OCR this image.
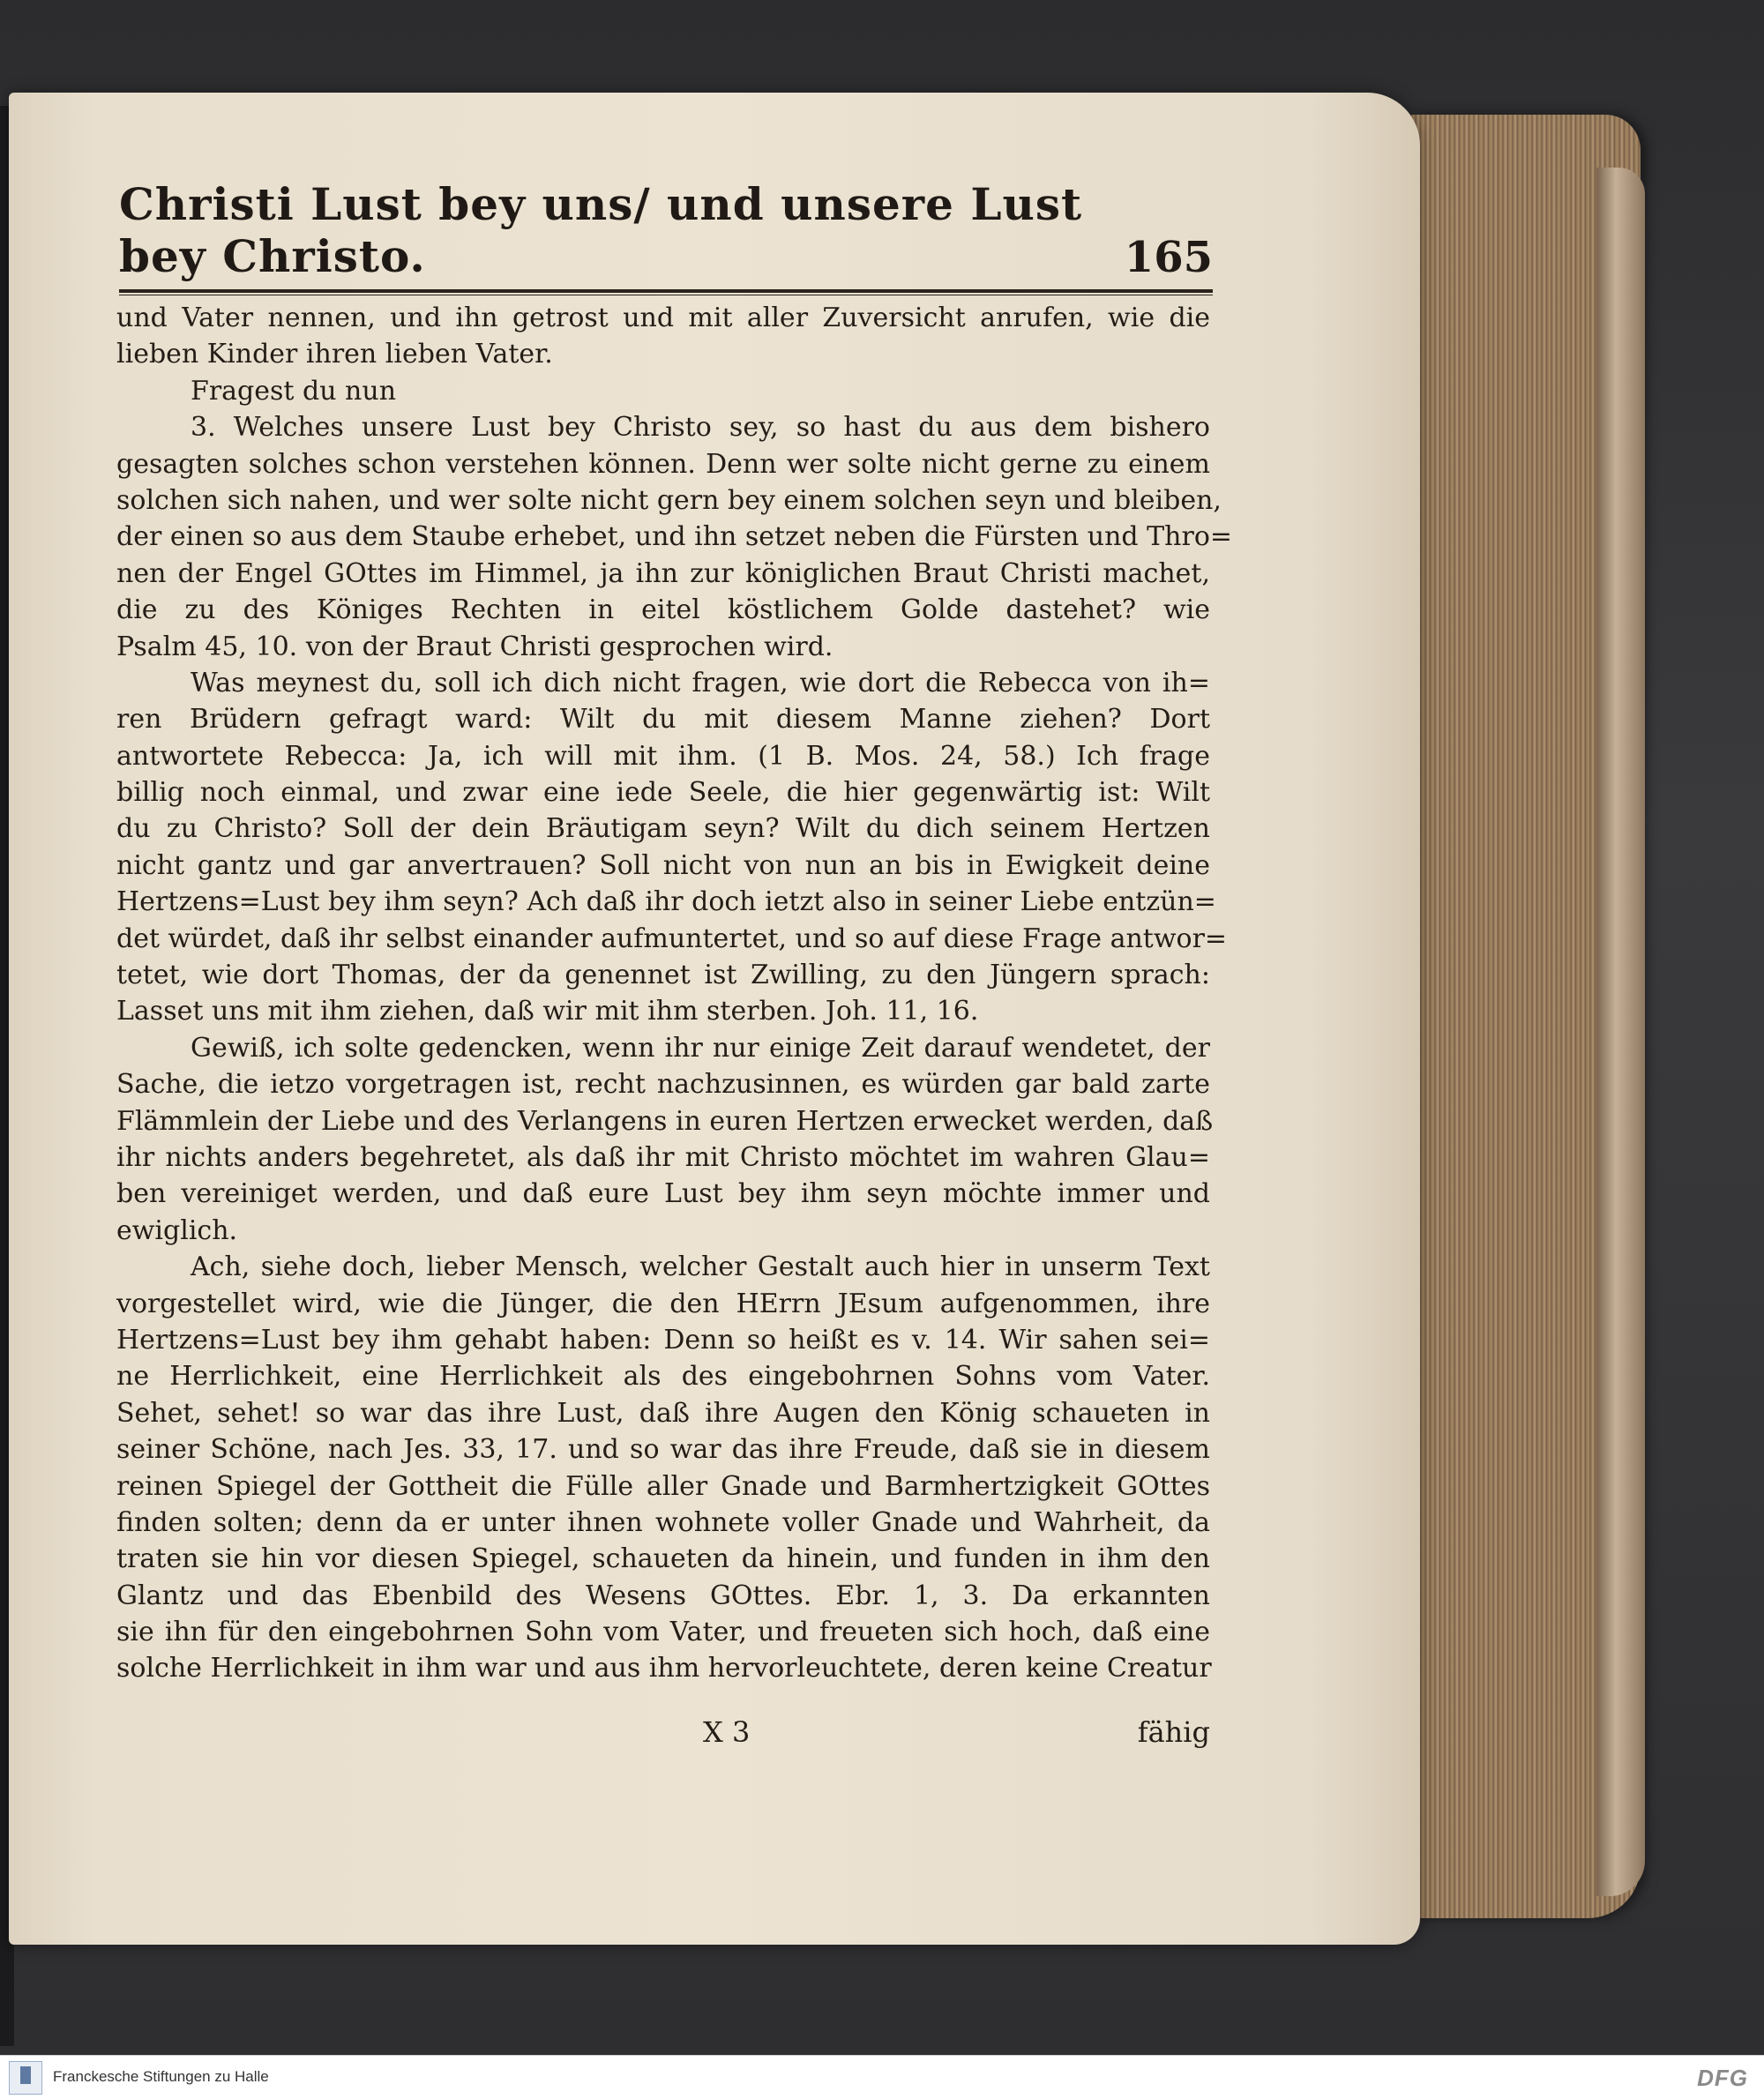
Christi Lust bey uns/ und unsere Lust bey Christo.	165
und Vater nennen, und ihn getrost und mit aller Zuversicht anrufen, wie die
lieben Kinder ihren lieben Vater.
Fragest du nun
3. Welches unsere Lust bey Christo sey, so hast du aus dem bishero
gesagten solches schon verstehen können. Denn wer solte nicht gerne zu einem
solchen sich nahen, und wer solte nicht gern bey einem solchen seyn und bleiben,
der einen so aus dem Staube erhebet, und ihn setzet neben die Fürsten und Thro=
nen der Engel GOttes im Himmel, ja ihn zur königlichen Braut Christi machet,
die zu des Königes Rechten in eitel köstlichem Golde dastehet? wie
Psalm 45, 10. von der Braut Christi gesprochen wird.
Was meynest du, soll ich dich nicht fragen, wie dort die Rebecca von ih=
ren Brüdern gefragt ward: Wilt du mit diesem Manne ziehen? Dort
antwortete Rebecca: Ja, ich will mit ihm. (1 B. Mos. 24, 58.) Ich frage
billig noch einmal, und zwar eine iede Seele, die hier gegenwärtig ist: Wilt
du zu Christo? Soll der dein Bräutigam seyn? Wilt du dich seinem Hertzen
nicht gantz und gar anvertrauen? Soll nicht von nun an bis in Ewigkeit deine
Hertzens=Lust bey ihm seyn? Ach daß ihr doch ietzt also in seiner Liebe entzün=
det würdet, daß ihr selbst einander aufmuntertet, und so auf diese Frage antwor=
tetet, wie dort Thomas, der da genennet ist Zwilling, zu den Jüngern sprach:
Lasset uns mit ihm ziehen, daß wir mit ihm sterben. Joh. 11, 16.
Gewiß, ich solte gedencken, wenn ihr nur einige Zeit darauf wendetet, der
Sache, die ietzo vorgetragen ist, recht nachzusinnen, es würden gar bald zarte
Flämmlein der Liebe und des Verlangens in euren Hertzen erwecket werden, daß
ihr nichts anders begehretet, als daß ihr mit Christo möchtet im wahren Glau=
ben vereiniget werden, und daß eure Lust bey ihm seyn möchte immer und
ewiglich.
Ach, siehe doch, lieber Mensch, welcher Gestalt auch hier in unserm Text
vorgestellet wird, wie die Jünger, die den HErrn JEsum aufgenommen, ihre
Hertzens=Lust bey ihm gehabt haben: Denn so heißt es v. 14. Wir sahen sei=
ne Herrlichkeit, eine Herrlichkeit als des eingebohrnen Sohns vom Vater.
Sehet, sehet! so war das ihre Lust, daß ihre Augen den König schaueten in
seiner Schöne, nach Jes. 33, 17. und so war das ihre Freude, daß sie in diesem
reinen Spiegel der Gottheit die Fülle aller Gnade und Barmhertzigkeit GOttes
finden solten; denn da er unter ihnen wohnete voller Gnade und Wahrheit, da
traten sie hin vor diesen Spiegel, schaueten da hinein, und funden in ihm den
Glantz und das Ebenbild des Wesens GOttes. Ebr. 1, 3. Da erkannten
sie ihn für den eingebohrnen Sohn vom Vater, und freueten sich hoch, daß eine
solche Herrlichkeit in ihm war und aus ihm hervorleuchtete, deren keine Creatur
X 3	fähig
Franckesche Stiftungen zu Halle	DFG
